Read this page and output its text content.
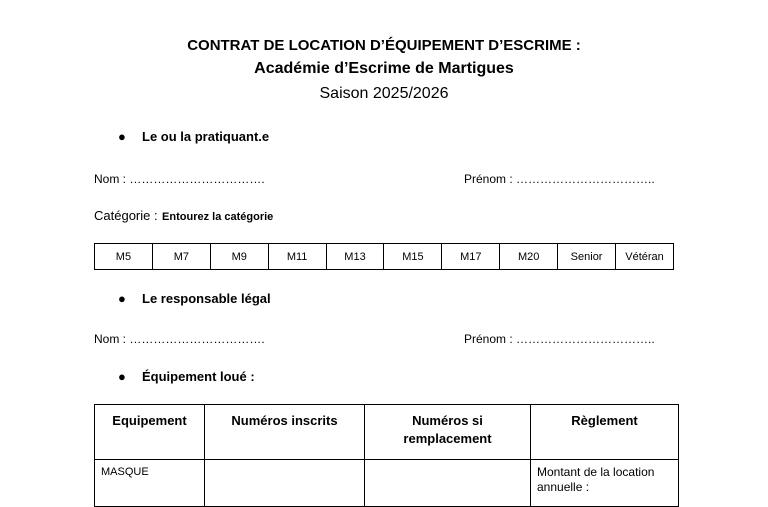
CONTRAT DE LOCATION D’ÉQUIPEMENT D’ESCRIME :
Académie d’Escrime de Martigues
Saison 2025/2026
● Le ou la pratiquant.e
Nom : …………………………….	Prénom : ……………………………..
Catégorie : Entourez la catégorie
M5	M7	M9	M11	M13	M15	M17	M20	Senior	Vétéran
● Le responsable légal
Nom : …………………………….	Prénom : ……………………………..
● Équipement loué :
Equipement	Numéros inscrits	Numéros si remplacement	Règlement
MASQUE			Montant de la location annuelle :
